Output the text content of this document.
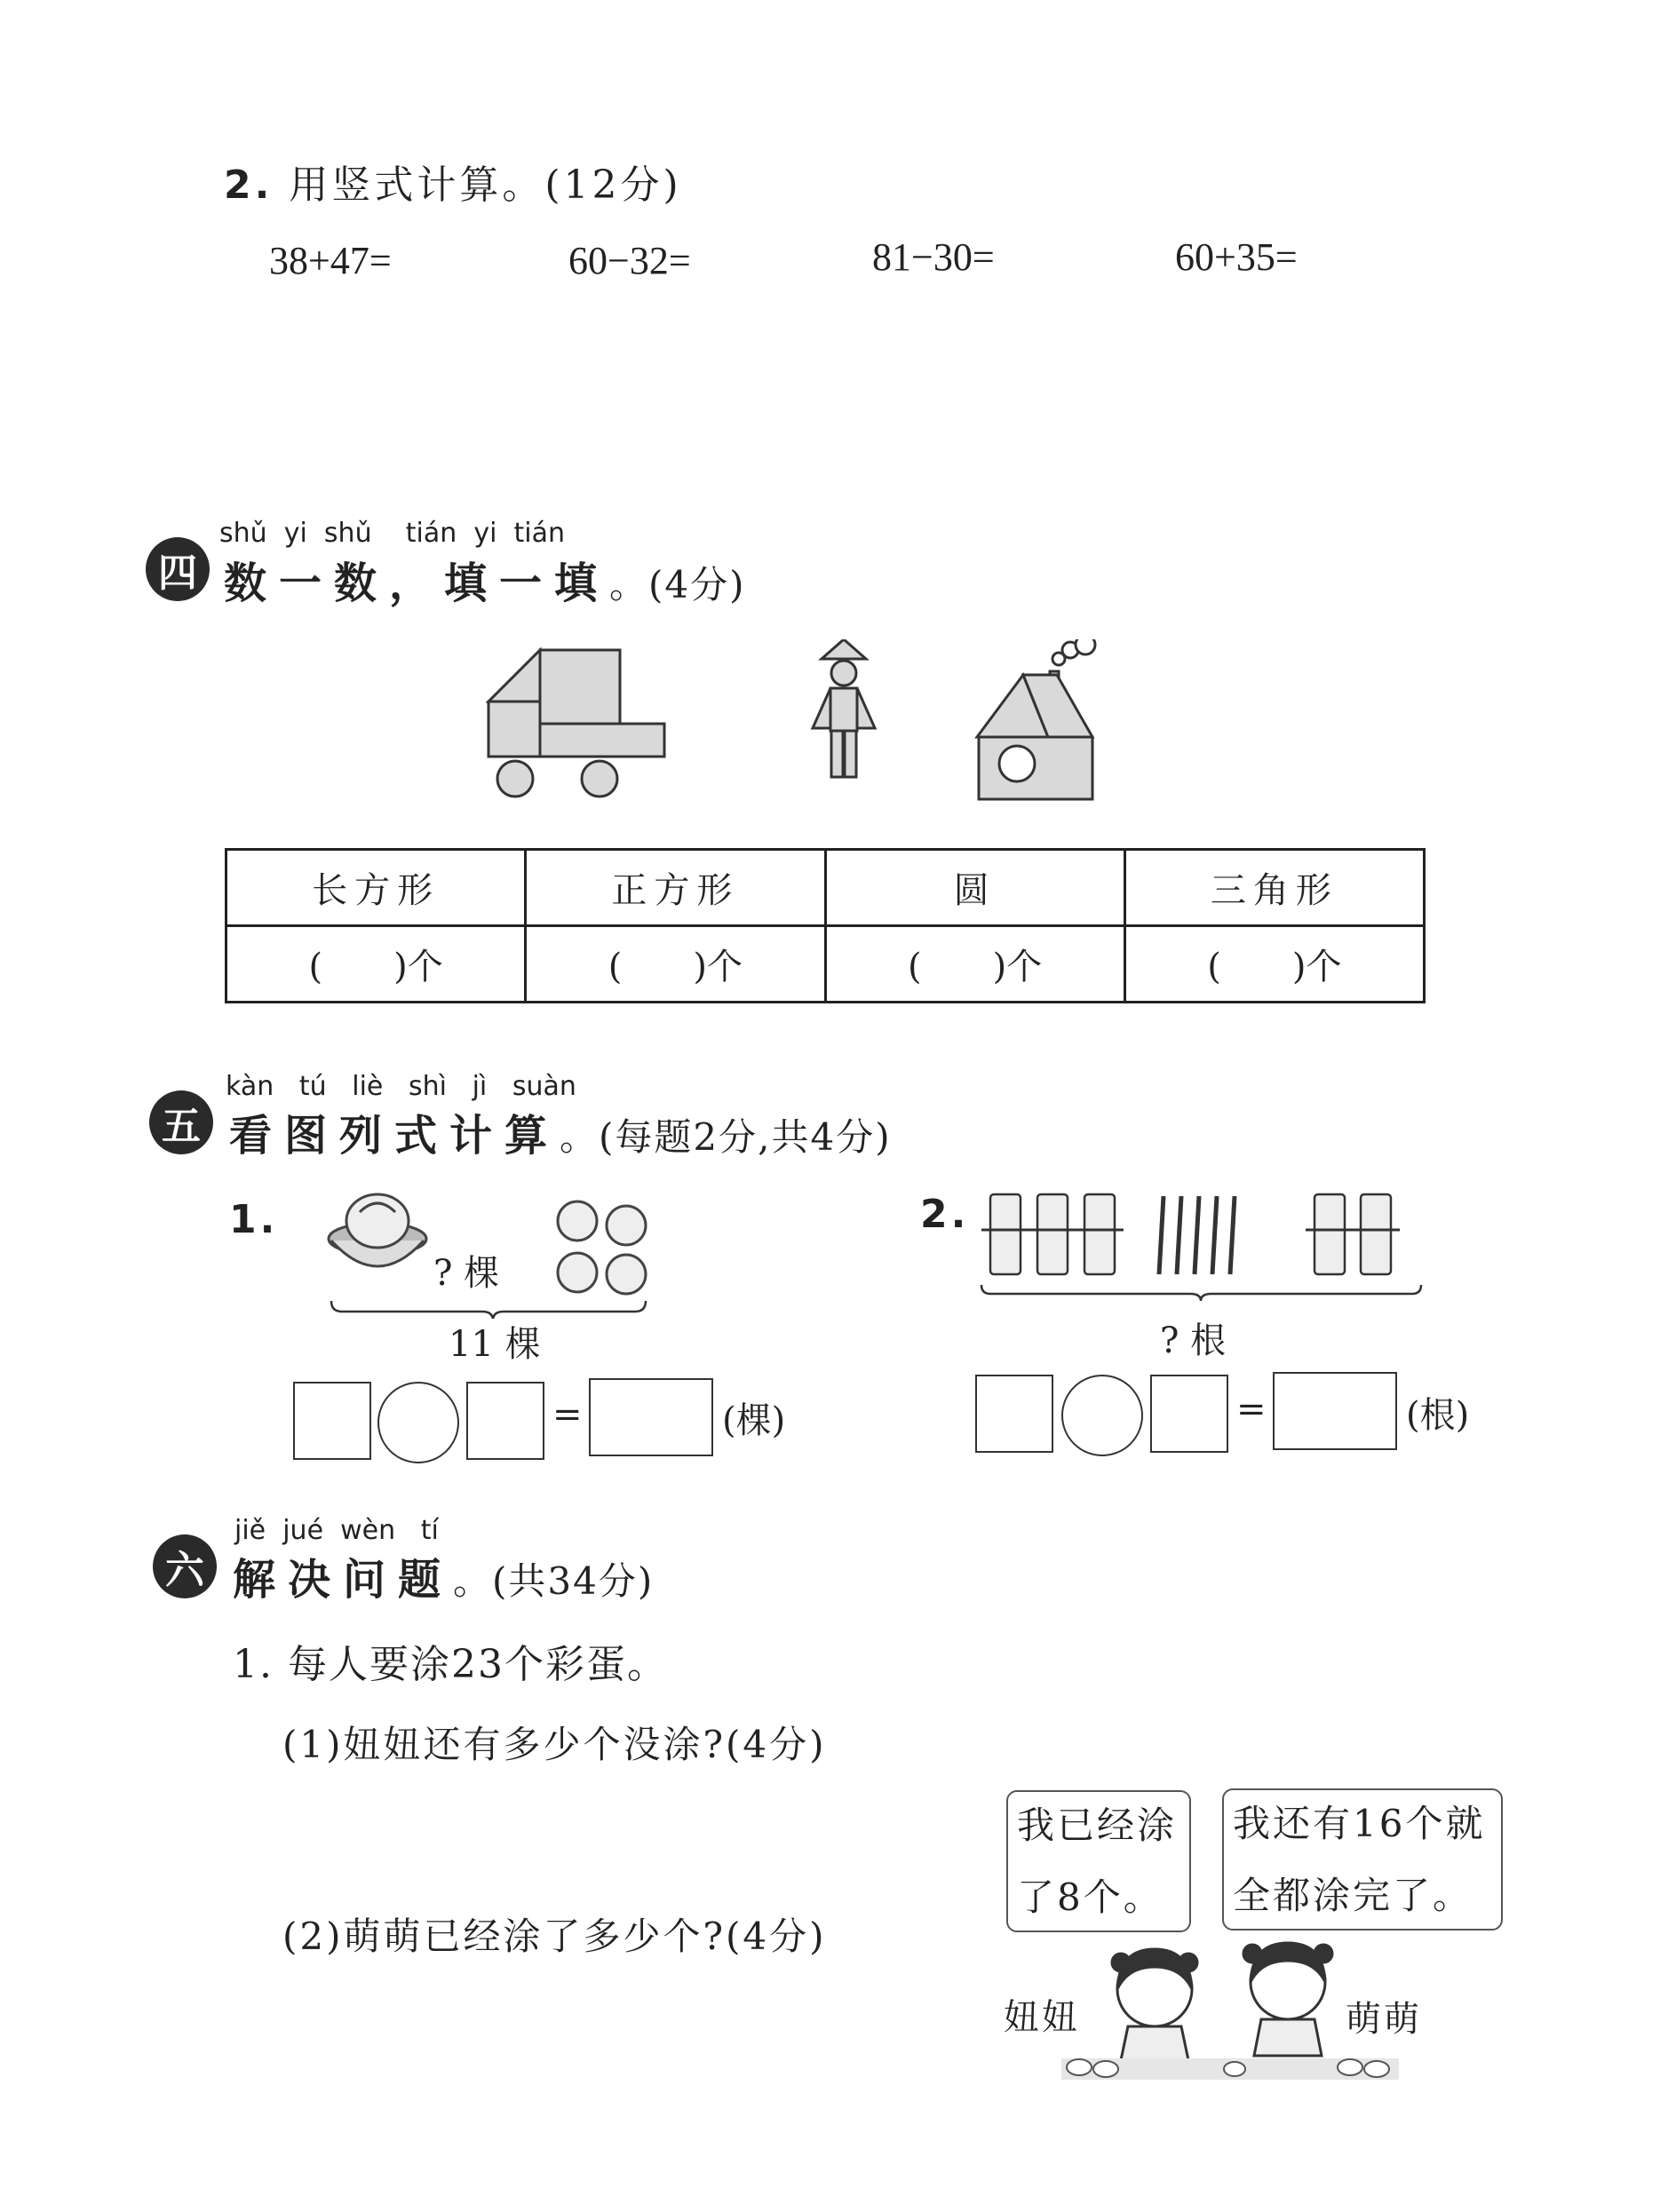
2. 用竖式计算。(12分)
38+47=	60−32=	81−30=	60+35=
四
shǔ yi shǔ tián yi tián
数一数，填一填。(4分)
长方形	正方形	圆	三角形
(　　)个	(　　)个	(　　)个	(　　)个
五
kàn tú liè shì jì suàn
看图列式计算。(每题2分,共4分)
1.
? 棵
11 棵
=	(棵)
2.
? 根
=	(根)
六
jiě jué wèn tí
解决问题。(共34分)
1. 每人要涂23个彩蛋。
(1)妞妞还有多少个没涂?(4分)
(2)萌萌已经涂了多少个?(4分)
我已经涂
了8个。
我还有16个就
全都涂完了。
妞妞	萌萌
